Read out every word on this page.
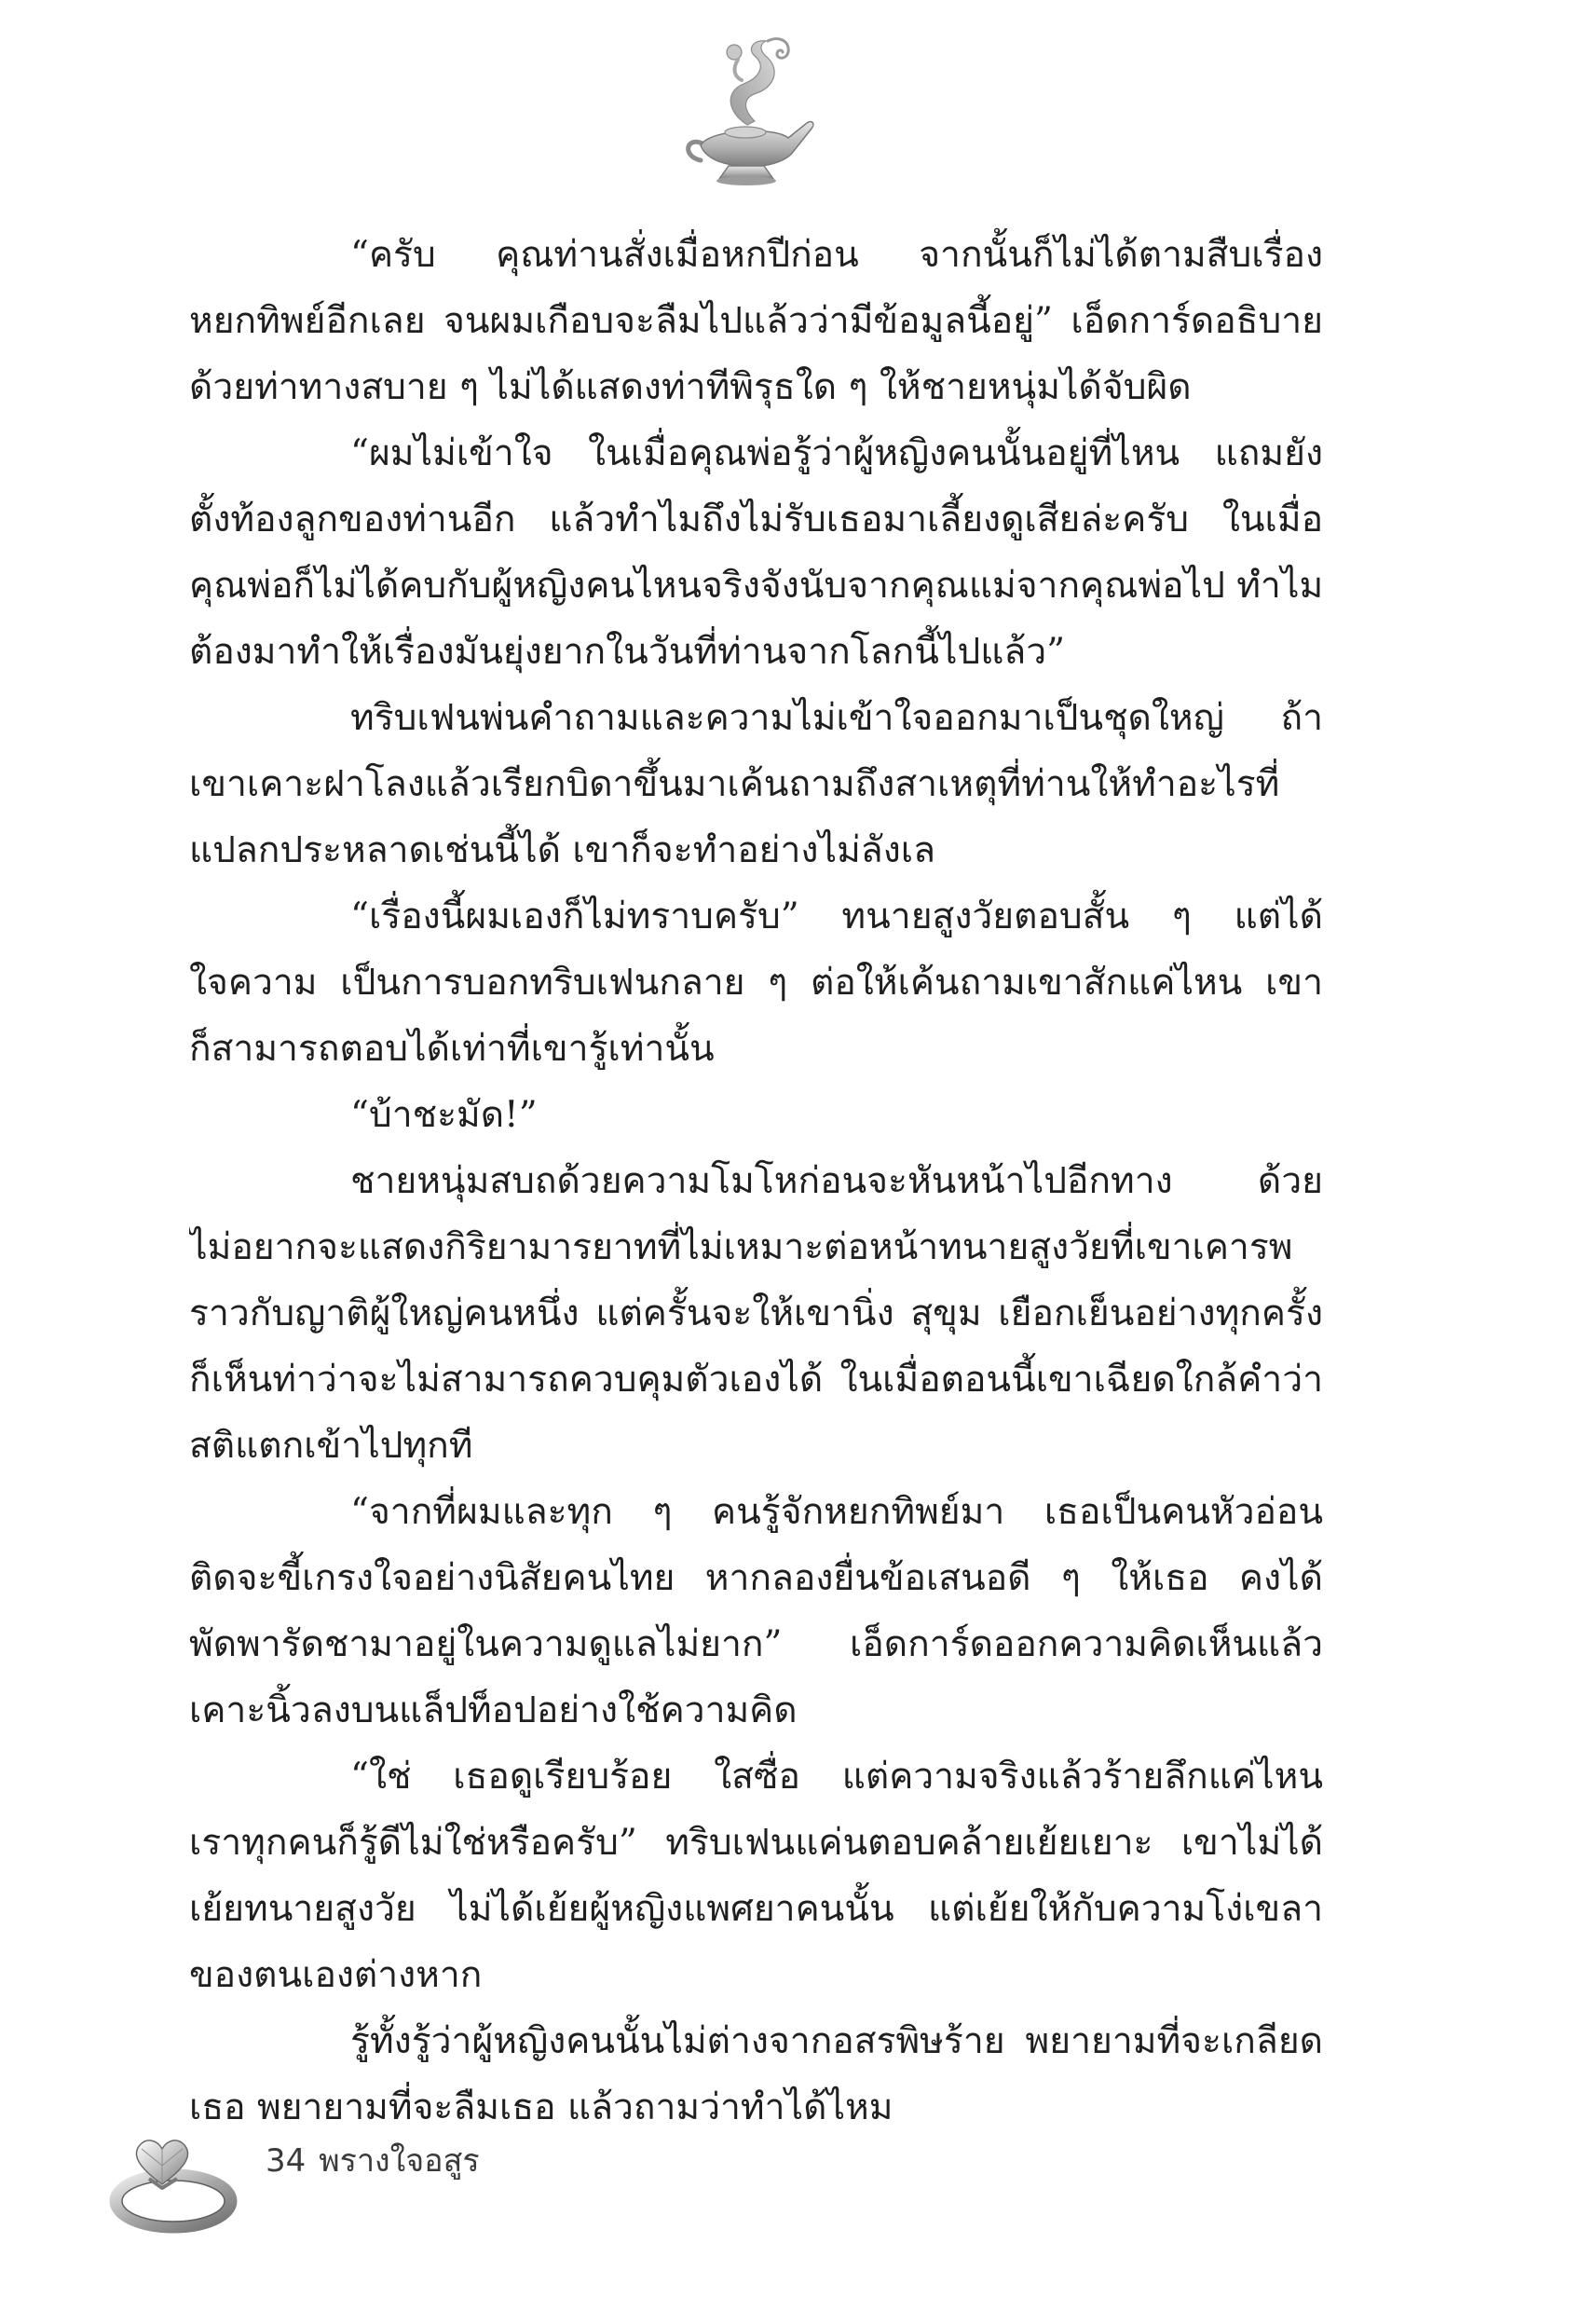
“ครับ คุณท่านสั่งเมื่อหกปีก่อน จากนั้นก็ไม่ได้ตามสืบเรื่อง
หยกทิพย์อีกเลย จนผมเกือบจะลืมไปแล้วว่ามีข้อมูลนี้อยู่” เอ็ดการ์ดอธิบาย
ด้วยท่าทางสบาย ๆ ไม่ได้แสดงท่าทีพิรุธใด ๆ ให้ชายหนุ่มได้จับผิด
“ผมไม่เข้าใจ ในเมื่อคุณพ่อรู้ว่าผู้หญิงคนนั้นอยู่ที่ไหน แถมยัง
ตั้งท้องลูกของท่านอีก แล้วทำไมถึงไม่รับเธอมาเลี้ยงดูเสียล่ะครับ ในเมื่อ
คุณพ่อก็ไม่ได้คบกับผู้หญิงคนไหนจริงจังนับจากคุณแม่จากคุณพ่อไป ทำไม
ต้องมาทำให้เรื่องมันยุ่งยากในวันที่ท่านจากโลกนี้ไปแล้ว”
ทริบเฟนพ่นคำถามและความไม่เข้าใจออกมาเป็นชุดใหญ่ ถ้า
เขาเคาะฝาโลงแล้วเรียกบิดาขึ้นมาเค้นถามถึงสาเหตุที่ท่านให้ทำอะไรที่
แปลกประหลาดเช่นนี้ได้ เขาก็จะทำอย่างไม่ลังเล
“เรื่องนี้ผมเองก็ไม่ทราบครับ” ทนายสูงวัยตอบสั้น ๆ แต่ได้
ใจความ เป็นการบอกทริบเฟนกลาย ๆ ต่อให้เค้นถามเขาสักแค่ไหน เขา
ก็สามารถตอบได้เท่าที่เขารู้เท่านั้น
“บ้าชะมัด!”
ชายหนุ่มสบถด้วยความโมโหก่อนจะหันหน้าไปอีกทาง ด้วย
ไม่อยากจะแสดงกิริยามารยาทที่ไม่เหมาะต่อหน้าทนายสูงวัยที่เขาเคารพ
ราวกับญาติผู้ใหญ่คนหนึ่ง แต่ครั้นจะให้เขานิ่ง สุขุม เยือกเย็นอย่างทุกครั้ง
ก็เห็นท่าว่าจะไม่สามารถควบคุมตัวเองได้ ในเมื่อตอนนี้เขาเฉียดใกล้คำว่า
สติแตกเข้าไปทุกที
“จากที่ผมและทุก ๆ คนรู้จักหยกทิพย์มา เธอเป็นคนหัวอ่อน
ติดจะขี้เกรงใจอย่างนิสัยคนไทย หากลองยื่นข้อเสนอดี ๆ ให้เธอ คงได้
พัดพารัดชามาอยู่ในความดูแลไม่ยาก” เอ็ดการ์ดออกความคิดเห็นแล้ว
เคาะนิ้วลงบนแล็ปท็อปอย่างใช้ความคิด
“ใช่ เธอดูเรียบร้อย ใสซื่อ แต่ความจริงแล้วร้ายลึกแค่ไหน
เราทุกคนก็รู้ดีไม่ใช่หรือครับ” ทริบเฟนแค่นตอบคล้ายเย้ยเยาะ เขาไม่ได้
เย้ยทนายสูงวัย ไม่ได้เย้ยผู้หญิงแพศยาคนนั้น แต่เย้ยให้กับความโง่เขลา
ของตนเองต่างหาก
รู้ทั้งรู้ว่าผู้หญิงคนนั้นไม่ต่างจากอสรพิษร้าย พยายามที่จะเกลียด
เธอ พยายามที่จะลืมเธอ แล้วถามว่าทำได้ไหม
34 พรางใจอสูร
